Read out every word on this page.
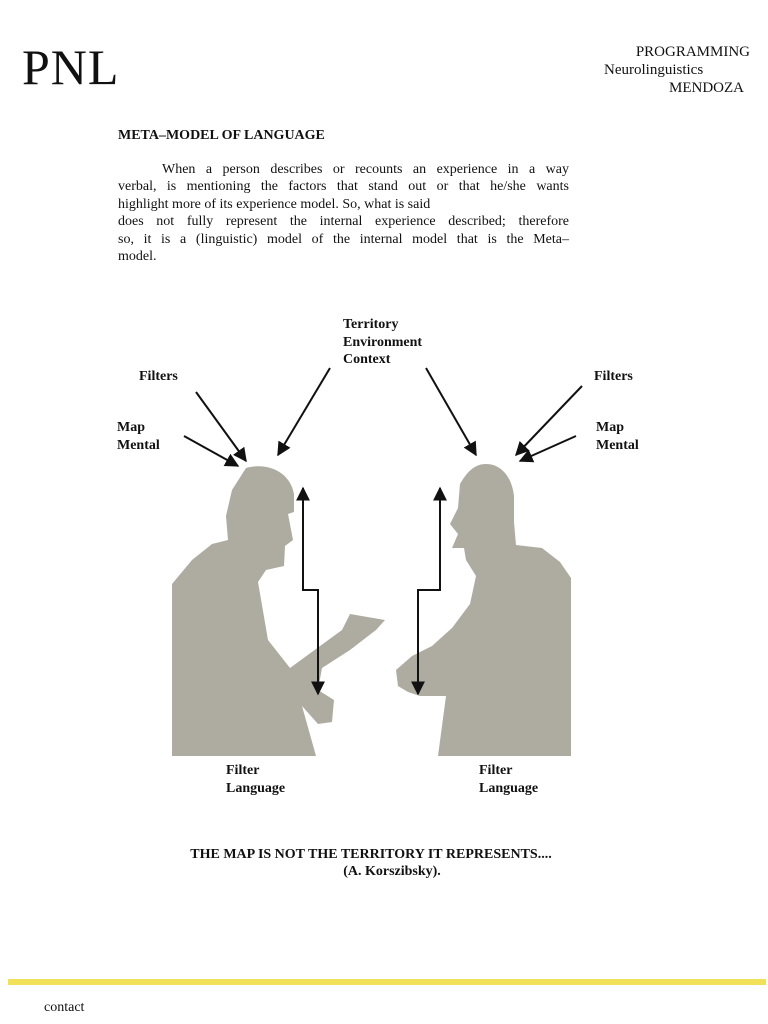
PNL	PROGRAMMING
Neurolinguistics
MENDOZA
META–MODEL OF LANGUAGE
When a person describes or recounts an experience in a way
verbal, is mentioning the factors that stand out or that he/she wants
highlight more of its experience model. So, what is said
does not fully represent the internal experience described; therefore
so, it is a (linguistic) model of the internal model that is the Meta–
model.
Territory
Environment
Context
Filters	Filters
Map
Mental
Map
Mental
Filter
Language
Filter
Language
THE MAP IS NOT THE TERRITORY IT REPRESENTS....
(A. Korszibsky).
contact
